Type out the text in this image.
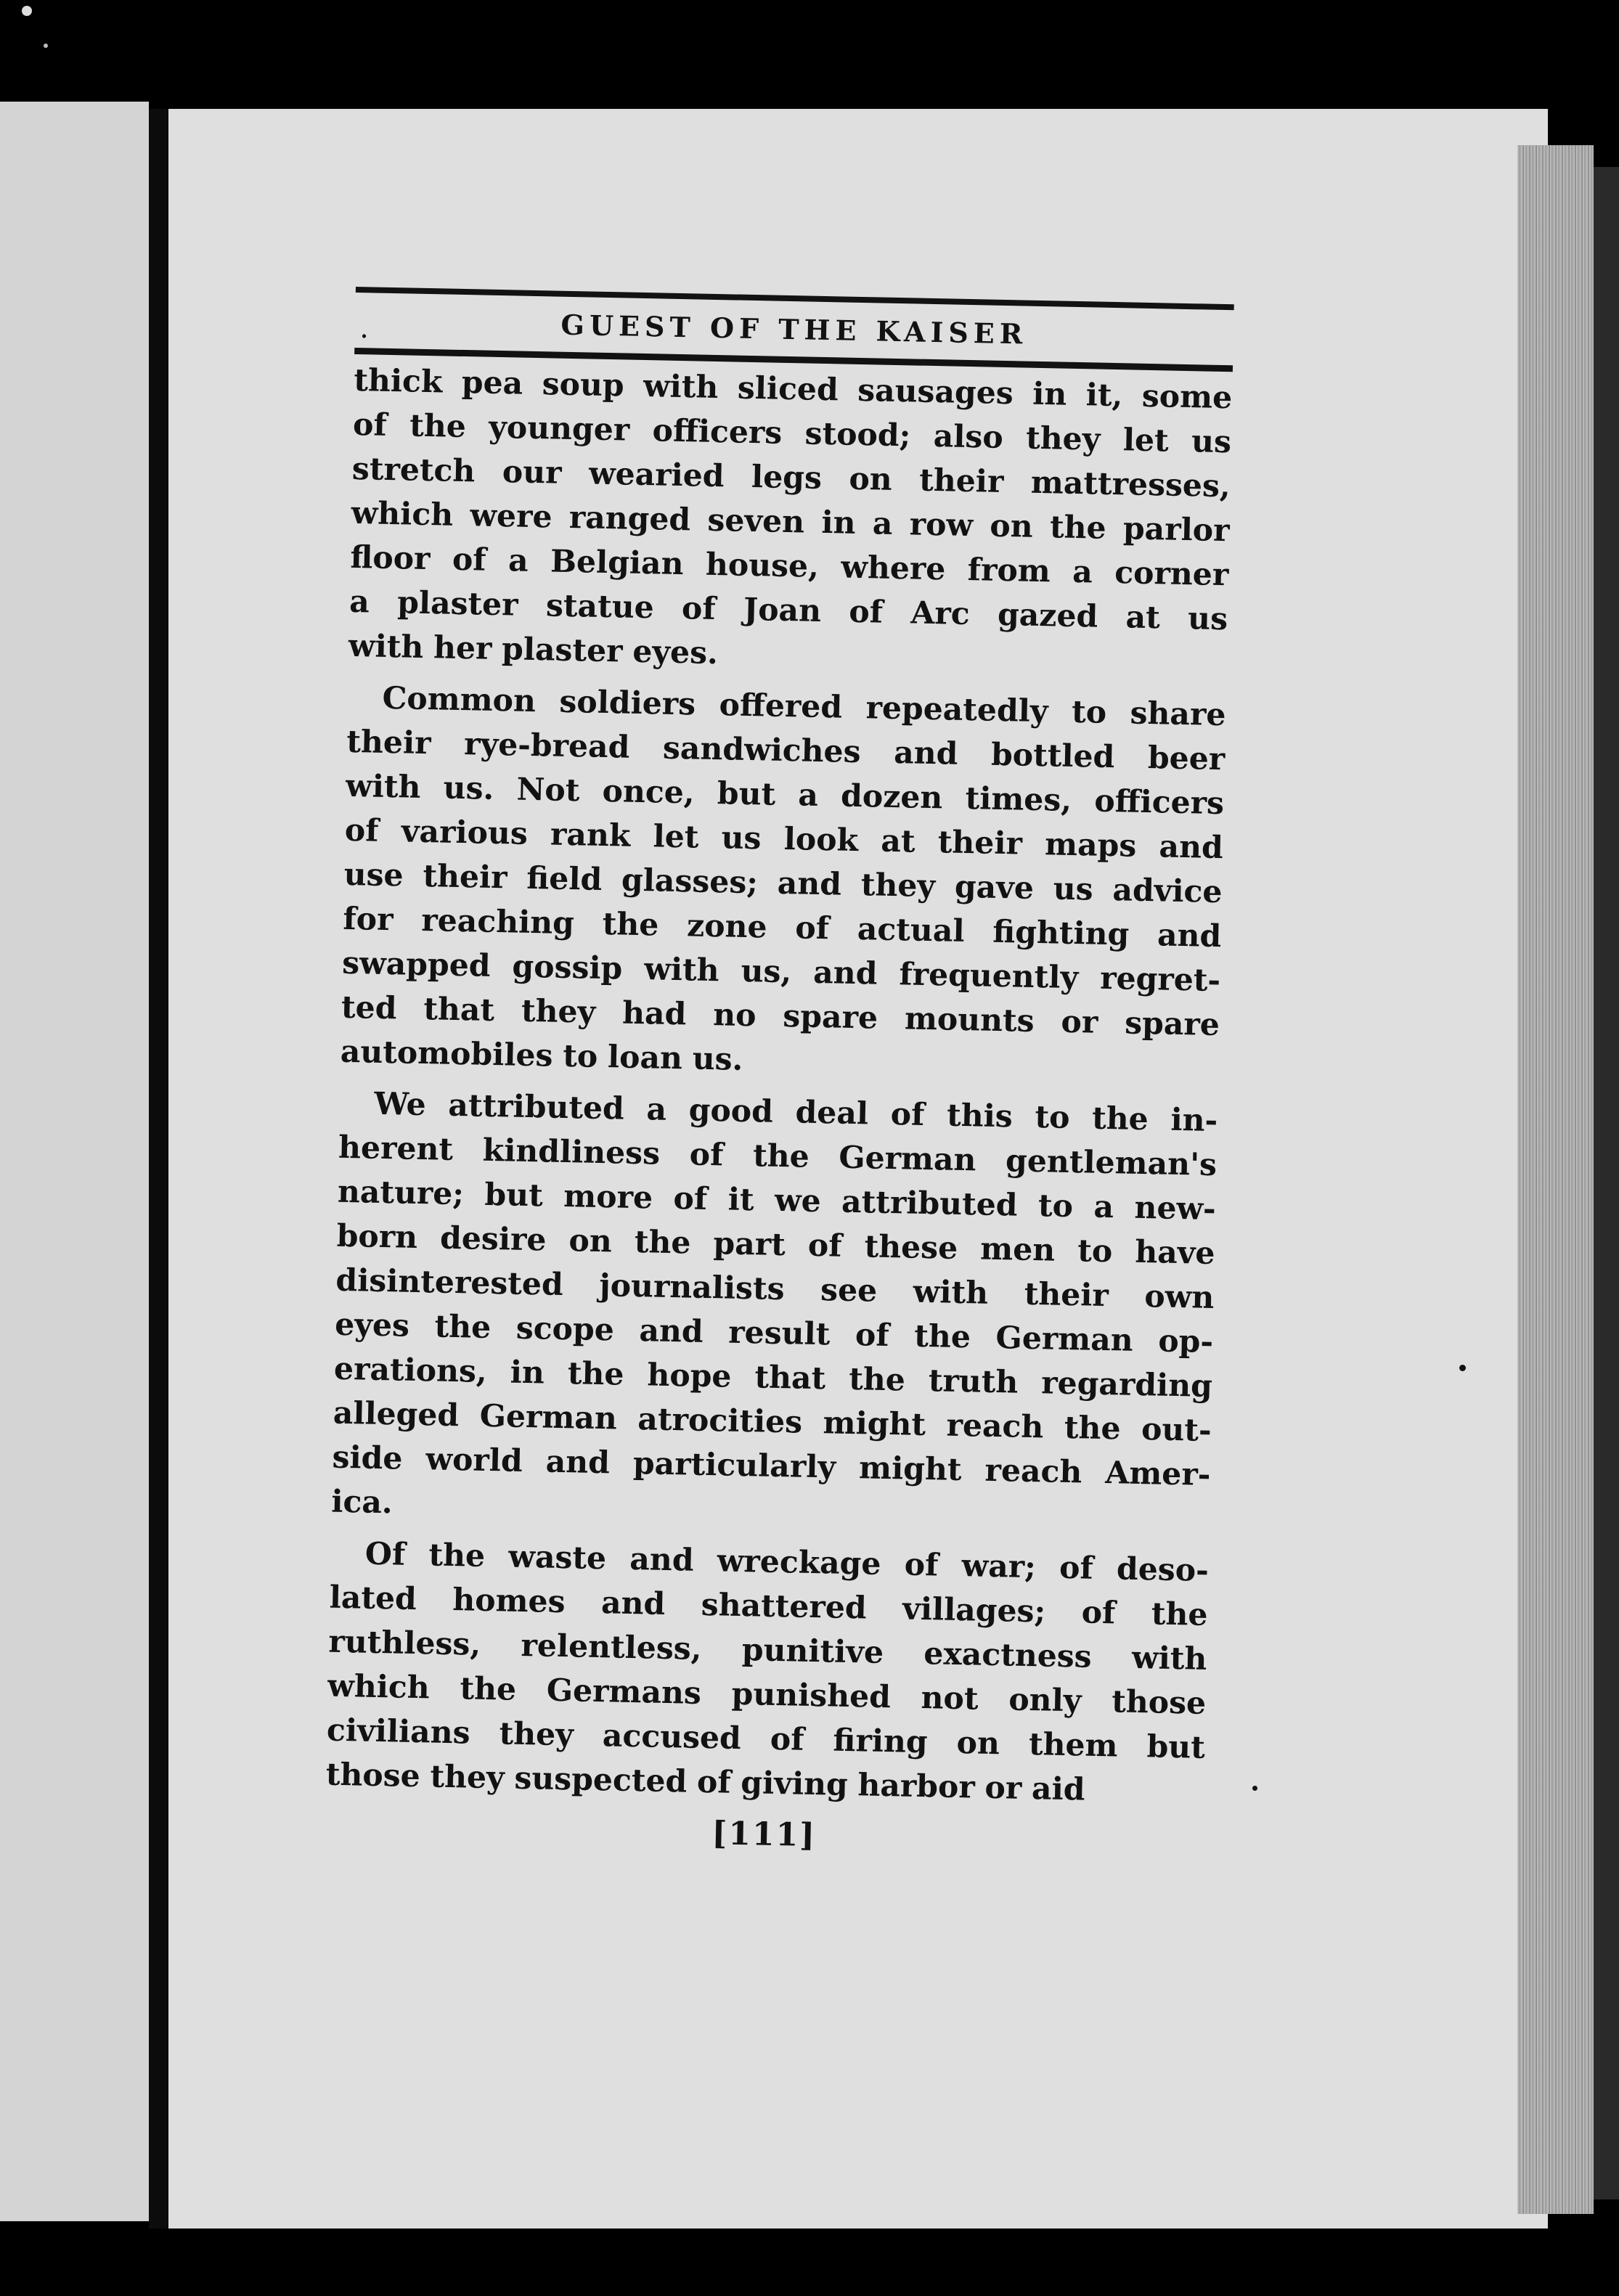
.	GUEST OF THE KAISER
thick pea soup with sliced sausages in it, some
of the younger officers stood; also they let us
stretch our wearied legs on their mattresses,
which were ranged seven in a row on the parlor
floor of a Belgian house, where from a corner
a plaster statue of Joan of Arc gazed at us
with her plaster eyes.
Common soldiers offered repeatedly to share
their rye-bread sandwiches and bottled beer
with us. Not once, but a dozen times, officers
of various rank let us look at their maps and
use their field glasses; and they gave us advice
for reaching the zone of actual fighting and
swapped gossip with us, and frequently regret-
ted that they had no spare mounts or spare
automobiles to loan us.
We attributed a good deal of this to the in-
herent kindliness of the German gentleman's
nature; but more of it we attributed to a new-
born desire on the part of these men to have
disinterested journalists see with their own
eyes the scope and result of the German op-
erations, in the hope that the truth regarding
alleged German atrocities might reach the out-
side world and particularly might reach Amer-
ica.
Of the waste and wreckage of war; of deso-
lated homes and shattered villages; of the
ruthless, relentless, punitive exactness with
which the Germans punished not only those
civilians they accused of firing on them but
those they suspected of giving harbor or aid
[111]
